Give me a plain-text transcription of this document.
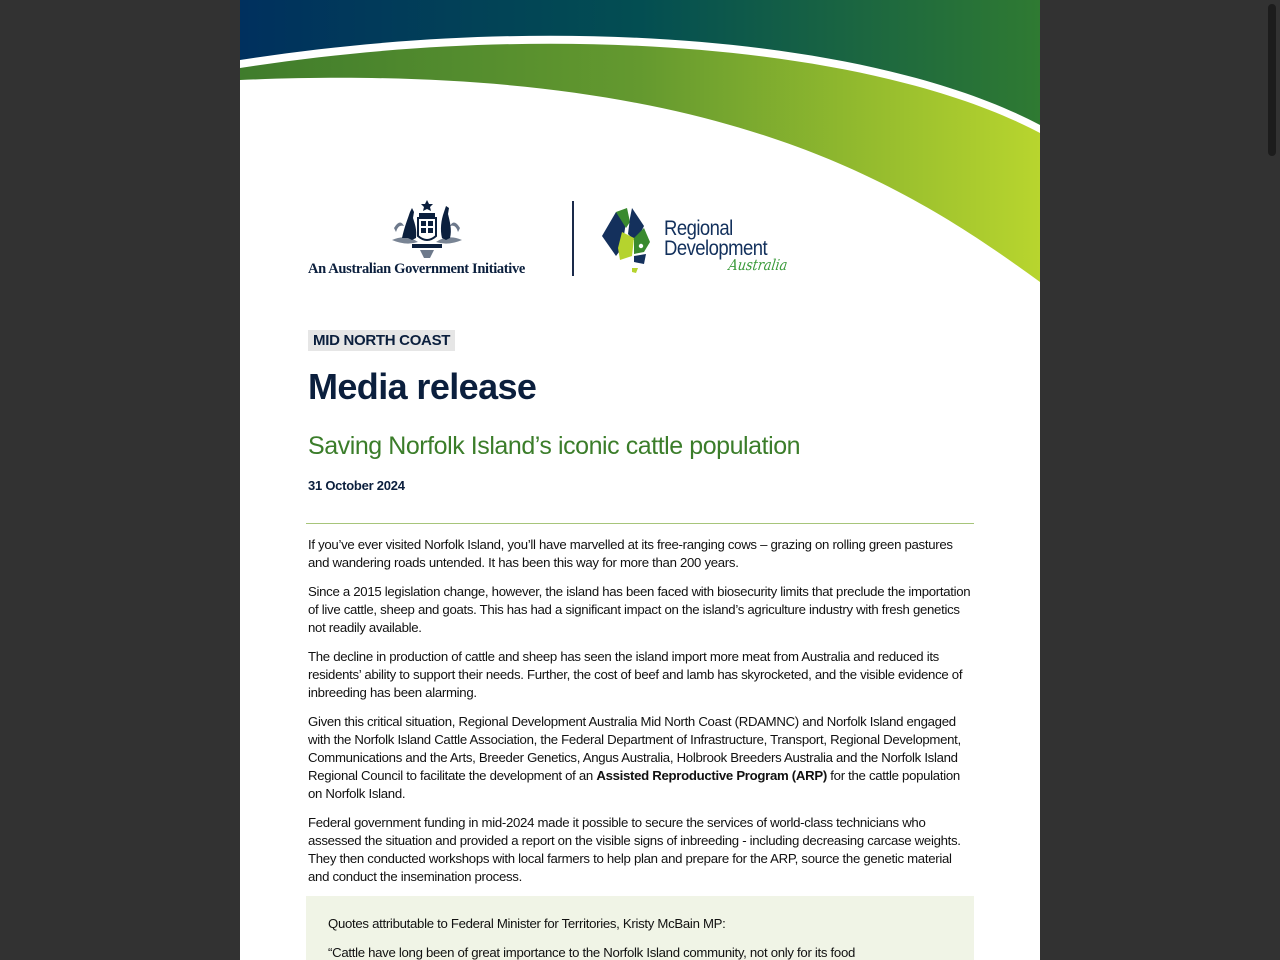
An Australian Government Initiative
Regional
Development
Australia
MID NORTH COAST
Media release
Saving Norfolk Island’s iconic cattle population
31 October 2024

If you’ve ever visited Norfolk Island, you’ll have marvelled at its free-ranging cows – grazing on rolling green pastures and wandering roads untended. It has been this way for more than 200 years.

Since a 2015 legislation change, however, the island has been faced with biosecurity limits that preclude the importation of live cattle, sheep and goats. This has had a significant impact on the island’s agriculture industry with fresh genetics not readily available.

The decline in production of cattle and sheep has seen the island import more meat from Australia and reduced its residents’ ability to support their needs. Further, the cost of beef and lamb has skyrocketed, and the visible evidence of inbreeding has been alarming.

Given this critical situation, Regional Development Australia Mid North Coast (RDAMNC) and Norfolk Island engaged with the Norfolk Island Cattle Association, the Federal Department of Infrastructure, Transport, Regional Development, Communications and the Arts, Breeder Genetics, Angus Australia, Holbrook Breeders Australia and the Norfolk Island Regional Council to facilitate the development of an Assisted Reproductive Program (ARP) for the cattle population on Norfolk Island.

Federal government funding in mid-2024 made it possible to secure the services of world-class technicians who assessed the situation and provided a report on the visible signs of inbreeding - including decreasing carcase weights. They then conducted workshops with local farmers to help plan and prepare for the ARP, source the genetic material and conduct the insemination process.

Quotes attributable to Federal Minister for Territories, Kristy McBain MP:
“Cattle have long been of great importance to the Norfolk Island community, not only for its food
